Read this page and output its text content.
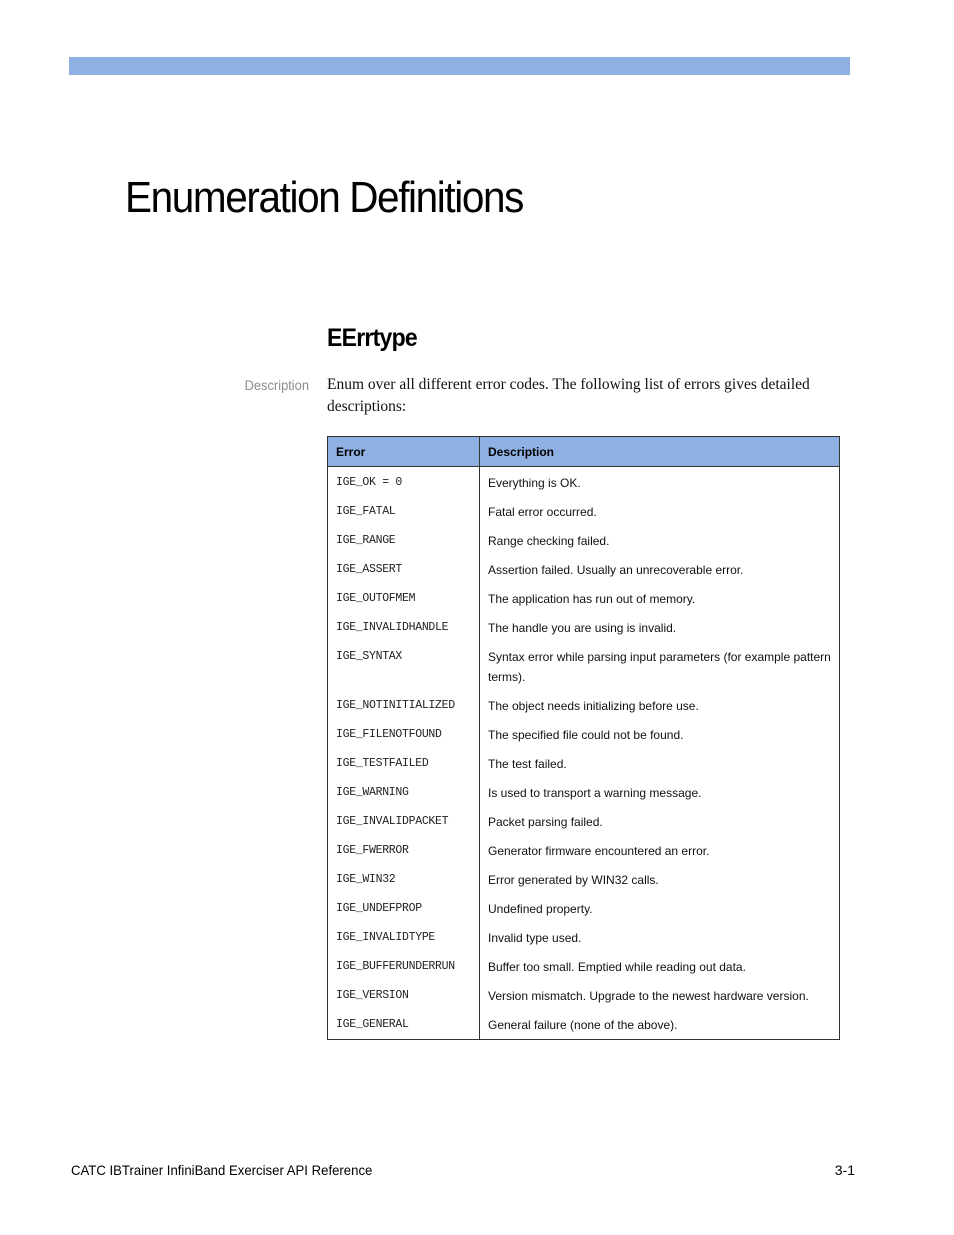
Enumeration Definitions
EErrtype
Description Enum over all different error codes. The following list of errors gives detailed descriptions:

Error	Description
IGE_OK = 0	Everything is OK.
IGE_FATAL	Fatal error occurred.
IGE_RANGE	Range checking failed.
IGE_ASSERT	Assertion failed. Usually an unrecoverable error.
IGE_OUTOFMEM	The application has run out of memory.
IGE_INVALIDHANDLE	The handle you are using is invalid.
IGE_SYNTAX	Syntax error while parsing input parameters (for example pattern terms).
IGE_NOTINITIALIZED	The object needs initializing before use.
IGE_FILENOTFOUND	The specified file could not be found.
IGE_TESTFAILED	The test failed.
IGE_WARNING	Is used to transport a warning message.
IGE_INVALIDPACKET	Packet parsing failed.
IGE_FWERROR	Generator firmware encountered an error.
IGE_WIN32	Error generated by WIN32 calls.
IGE_UNDEFPROP	Undefined property.
IGE_INVALIDTYPE	Invalid type used.
IGE_BUFFERUNDERRUN	Buffer too small. Emptied while reading out data.
IGE_VERSION	Version mismatch. Upgrade to the newest hardware version.
IGE_GENERAL	General failure (none of the above).
CATC IBTrainer InfiniBand Exerciser API Reference	3-1
